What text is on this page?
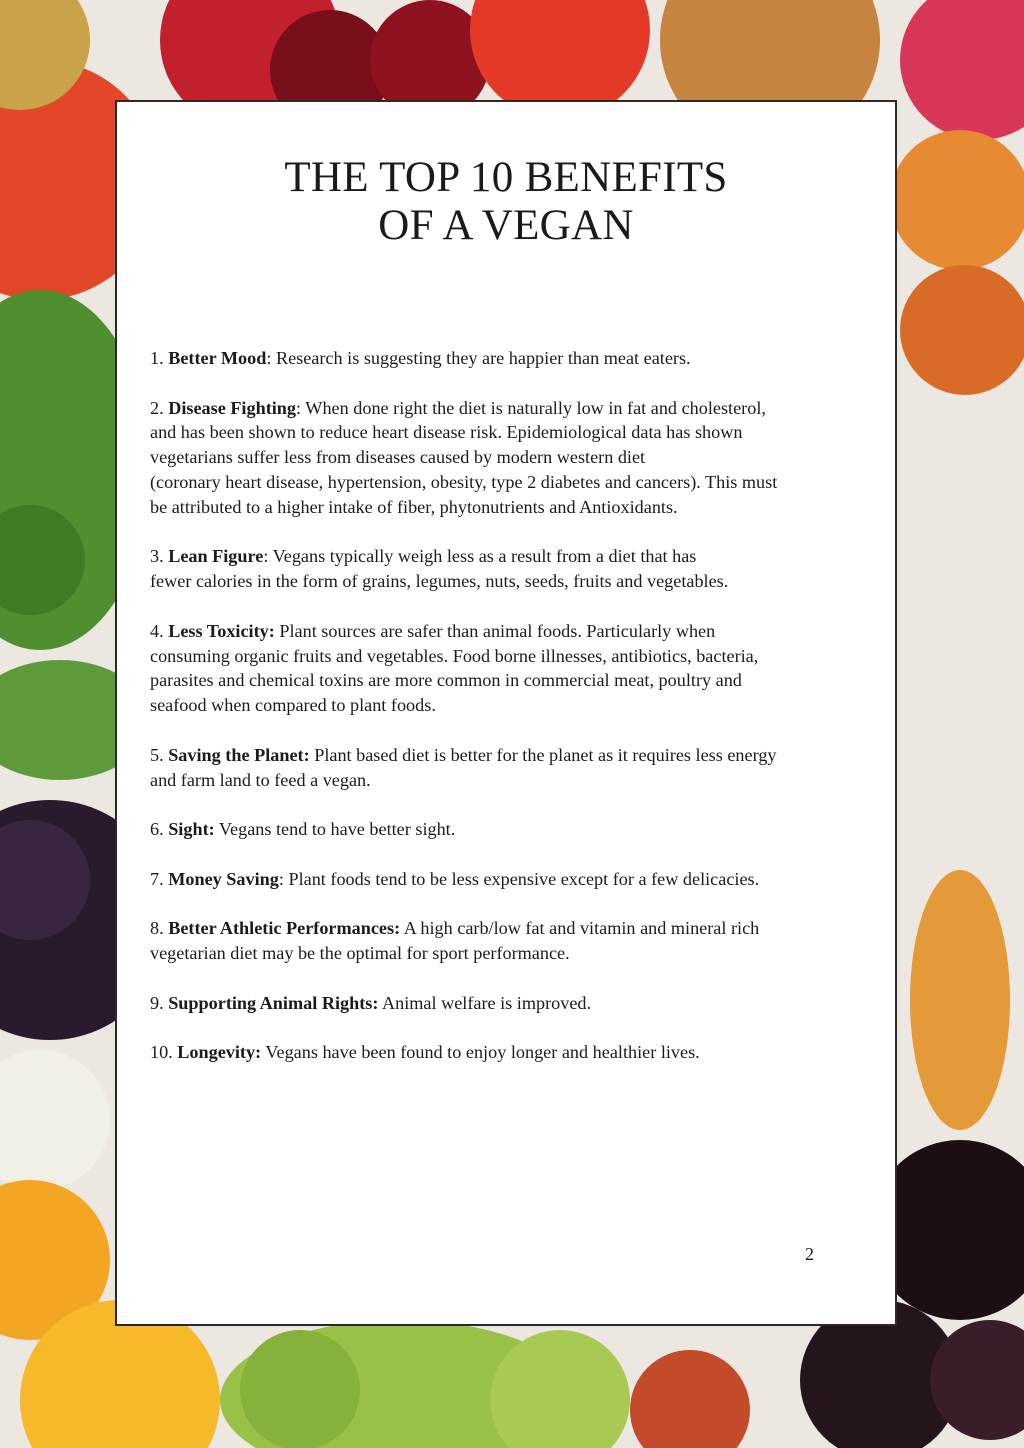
THE TOP 10 BENEFITS
OF A VEGAN
1. Better Mood: Research is suggesting they are happier than meat eaters.
2. Disease Fighting: When done right the diet is naturally low in fat and cholesterol,
and has been shown to reduce heart disease risk. Epidemiological data has shown
vegetarians suffer less from diseases caused by modern western diet
(coronary heart disease, hypertension, obesity, type 2 diabetes and cancers). This must
be attributed to a higher intake of fiber, phytonutrients and Antioxidants.
3. Lean Figure: Vegans typically weigh less as a result from a diet that has
fewer calories in the form of grains, legumes, nuts, seeds, fruits and vegetables.
4. Less Toxicity: Plant sources are safer than animal foods. Particularly when
consuming organic fruits and vegetables. Food borne illnesses, antibiotics, bacteria,
parasites and chemical toxins are more common in commercial meat, poultry and
seafood when compared to plant foods.
5. Saving the Planet: Plant based diet is better for the planet as it requires less energy
and farm land to feed a vegan.
6. Sight: Vegans tend to have better sight.
7. Money Saving: Plant foods tend to be less expensive except for a few delicacies.
8. Better Athletic Performances: A high carb/low fat and vitamin and mineral rich
vegetarian diet may be the optimal for sport performance.
9. Supporting Animal Rights: Animal welfare is improved.
10. Longevity: Vegans have been found to enjoy longer and healthier lives.
2
